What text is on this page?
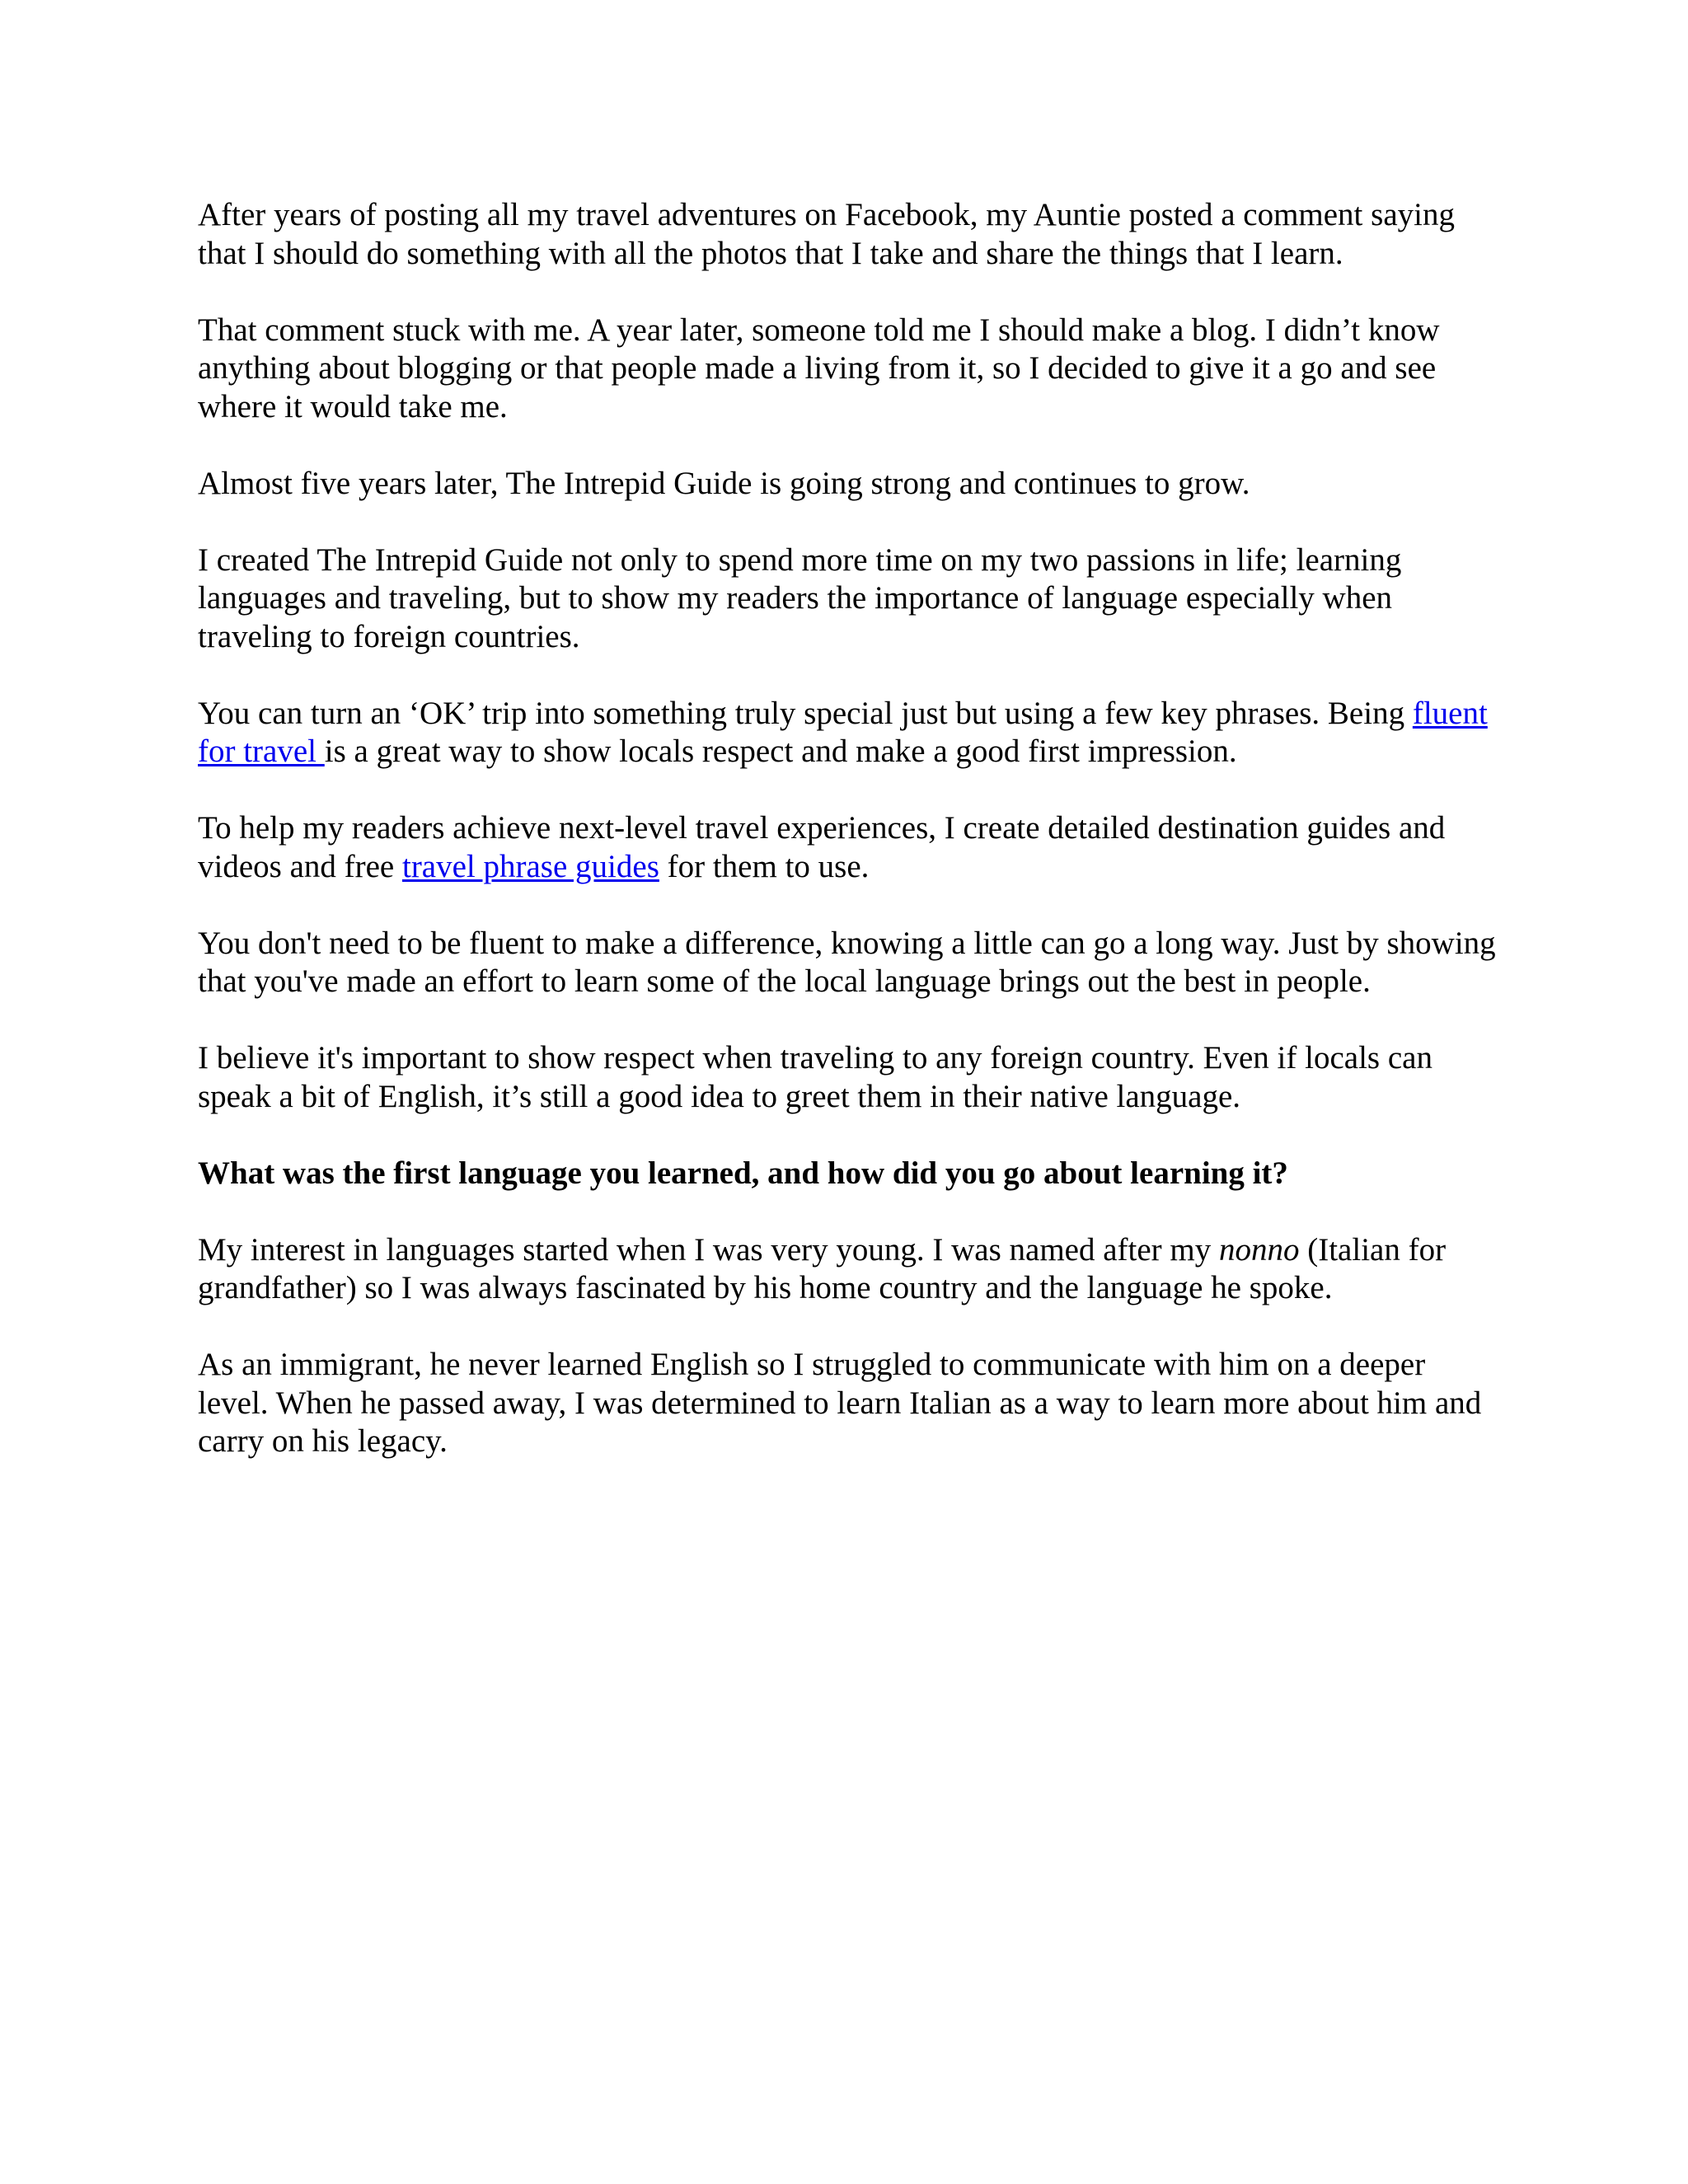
After years of posting all my travel adventures on Facebook, my Auntie posted a comment saying that I should do something with all the photos that I take and share the things that I learn.

That comment stuck with me. A year later, someone told me I should make a blog. I didn’t know anything about blogging or that people made a living from it, so I decided to give it a go and see where it would take me.

Almost five years later, The Intrepid Guide is going strong and continues to grow.

I created The Intrepid Guide not only to spend more time on my two passions in life; learning languages and traveling, but to show my readers the importance of language especially when traveling to foreign countries.

You can turn an ‘OK’ trip into something truly special just but using a few key phrases. Being fluent for travel is a great way to show locals respect and make a good first impression.

To help my readers achieve next-level travel experiences, I create detailed destination guides and videos and free travel phrase guides for them to use.

You don't need to be fluent to make a difference, knowing a little can go a long way. Just by showing that you've made an effort to learn some of the local language brings out the best in people.

I believe it's important to show respect when traveling to any foreign country. Even if locals can speak a bit of English, it’s still a good idea to greet them in their native language.

What was the first language you learned, and how did you go about learning it?

My interest in languages started when I was very young. I was named after my nonno (Italian for grandfather) so I was always fascinated by his home country and the language he spoke.

As an immigrant, he never learned English so I struggled to communicate with him on a deeper level. When he passed away, I was determined to learn Italian as a way to learn more about him and carry on his legacy.
